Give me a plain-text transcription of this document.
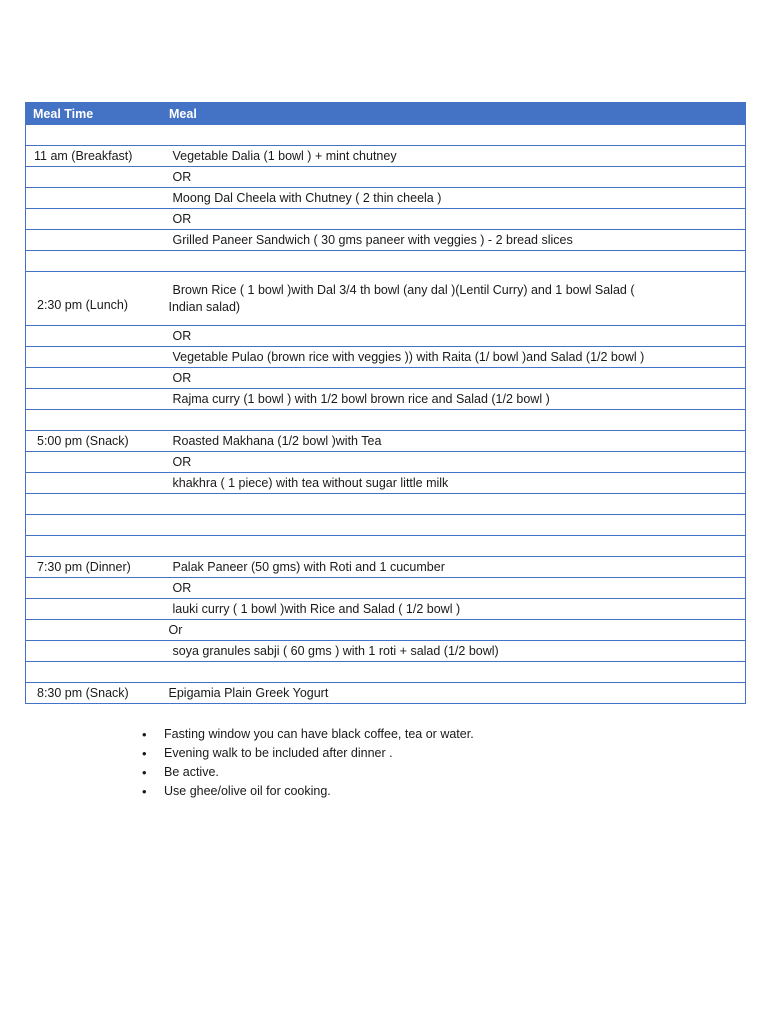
Meal Time	Meal

11 am (Breakfast)	Vegetable Dalia (1 bowl ) + mint chutney
	OR
	Moong Dal Cheela with Chutney ( 2 thin cheela )
	OR
	Grilled Paneer Sandwich ( 30 gms paneer with veggies ) - 2 bread slices

2:30 pm (Lunch)	Brown Rice ( 1 bowl )with Dal 3/4 th bowl (any dal )(Lentil Curry) and 1 bowl Salad (
Indian salad)

	OR
	Vegetable Pulao (brown rice with veggies )) with Raita (1/ bowl )and Salad (1/2 bowl )
	OR
	Rajma curry (1 bowl ) with 1/2 bowl brown rice and Salad (1/2 bowl )

5:00 pm (Snack)	Roasted Makhana (1/2 bowl )with Tea
	OR
	khakhra ( 1 piece) with tea without sugar little milk

7:30 pm (Dinner)	Palak Paneer (50 gms) with Roti and 1 cucumber
	OR
	lauki curry ( 1 bowl )with Rice and Salad ( 1/2 bowl )
	Or
	soya granules sabji ( 60 gms ) with 1 roti + salad (1/2 bowl)

8:30 pm (Snack)	Epigamia Plain Greek Yogurt
• Fasting window you can have black coffee, tea or water.
• Evening walk to be included after dinner .
• Be active.
• Use ghee/olive oil for cooking.
